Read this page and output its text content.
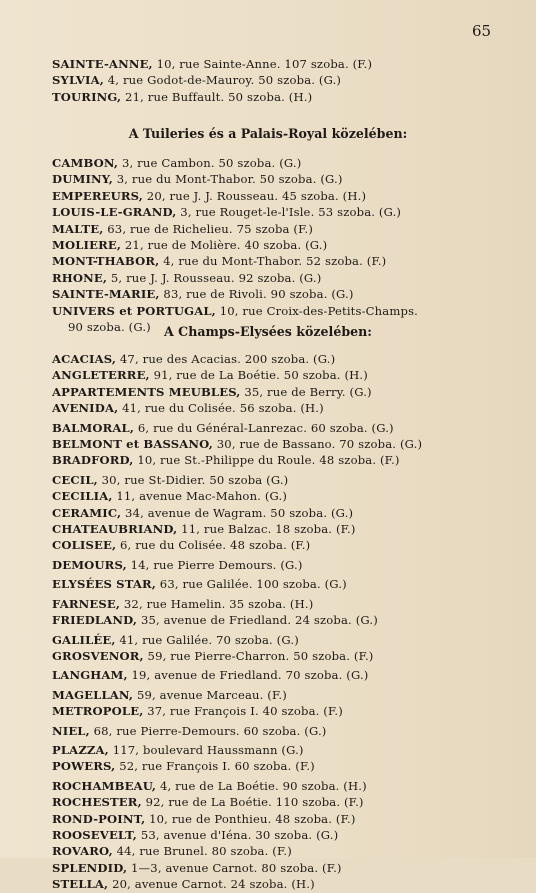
65
SAINTE-ANNE, 10, rue Sainte-Anne. 107 szoba. (F.)
SYLVIA, 4, rue Godot-de-Mauroy. 50 szoba. (G.)
TOURING, 21, rue Buffault. 50 szoba. (H.)
A Tuileries és a Palais-Royal közelében:
CAMBON, 3, rue Cambon. 50 szoba. (G.)
DUMINY, 3, rue du Mont-Thabor. 50 szoba. (G.)
EMPEREURS, 20, rue J. J. Rousseau. 45 szoba. (H.)
LOUIS-LE-GRAND, 3, rue Rouget-le-l'Isle. 53 szoba. (G.)
MALTE, 63, rue de Richelieu. 75 szoba (F.)
MOLIERE, 21, rue de Molière. 40 szoba. (G.)
MONT-THABOR, 4, rue du Mont-Thabor. 52 szoba. (F.)
RHONE, 5, rue J. J. Rousseau. 92 szoba. (G.)
SAINTE-MARIE, 83, rue de Rivoli. 90 szoba. (G.)
UNIVERS et PORTUGAL, 10, rue Croix-des-Petits-Champs.
90 szoba. (G.)	A Champs-Elysées közelében:
ACACIAS, 47, rue des Acacias. 200 szoba. (G.)
ANGLETERRE, 91, rue de La Boétie. 50 szoba. (H.)
APPARTEMENTS MEUBLES, 35, rue de Berry. (G.)
AVENIDA, 41, rue du Colisée. 56 szoba. (H.)
BALMORAL, 6, rue du Général-Lanrezac. 60 szoba. (G.)
BELMONT et BASSANO, 30, rue de Bassano. 70 szoba. (G.)
BRADFORD, 10, rue St.-Philippe du Roule. 48 szoba. (F.)
CECIL, 30, rue St-Didier. 50 szoba (G.)
CECILIA, 11, avenue Mac-Mahon. (G.)
CERAMIC, 34, avenue de Wagram. 50 szoba. (G.)
CHATEAUBRIAND, 11, rue Balzac. 18 szoba. (F.)
COLISEE, 6, rue du Colisée. 48 szoba. (F.)
DEMOURS, 14, rue Pierre Demours. (G.)
ELYSÉES STAR, 63, rue Galilée. 100 szoba. (G.)
FARNESE, 32, rue Hamelin. 35 szoba. (H.)
FRIEDLAND, 35, avenue de Friedland. 24 szoba. (G.)
GALILÉE, 41, rue Galilée. 70 szoba. (G.)
GROSVENOR, 59, rue Pierre-Charron. 50 szoba. (F.)
LANGHAM, 19, avenue de Friedland. 70 szoba. (G.)
MAGELLAN, 59, avenue Marceau. (F.)
METROPOLE, 37, rue François I. 40 szoba. (F.)
NIEL, 68, rue Pierre-Demours. 60 szoba. (G.)
PLAZZA, 117, boulevard Haussmann (G.)
POWERS, 52, rue François I. 60 szoba. (F.)
ROCHAMBEAU, 4, rue de La Boétie. 90 szoba. (H.)
ROCHESTER, 92, rue de La Boétie. 110 szoba. (F.)
ROND-POINT, 10, rue de Ponthieu. 48 szoba. (F.)
ROOSEVELT, 53, avenue d'Iéna. 30 szoba. (G.)
ROVARO, 44, rue Brunel. 80 szoba. (F.)
SPLENDID, 1—3, avenue Carnot. 80 szoba. (F.)
STELLA, 20, avenue Carnot. 24 szoba. (H.)
